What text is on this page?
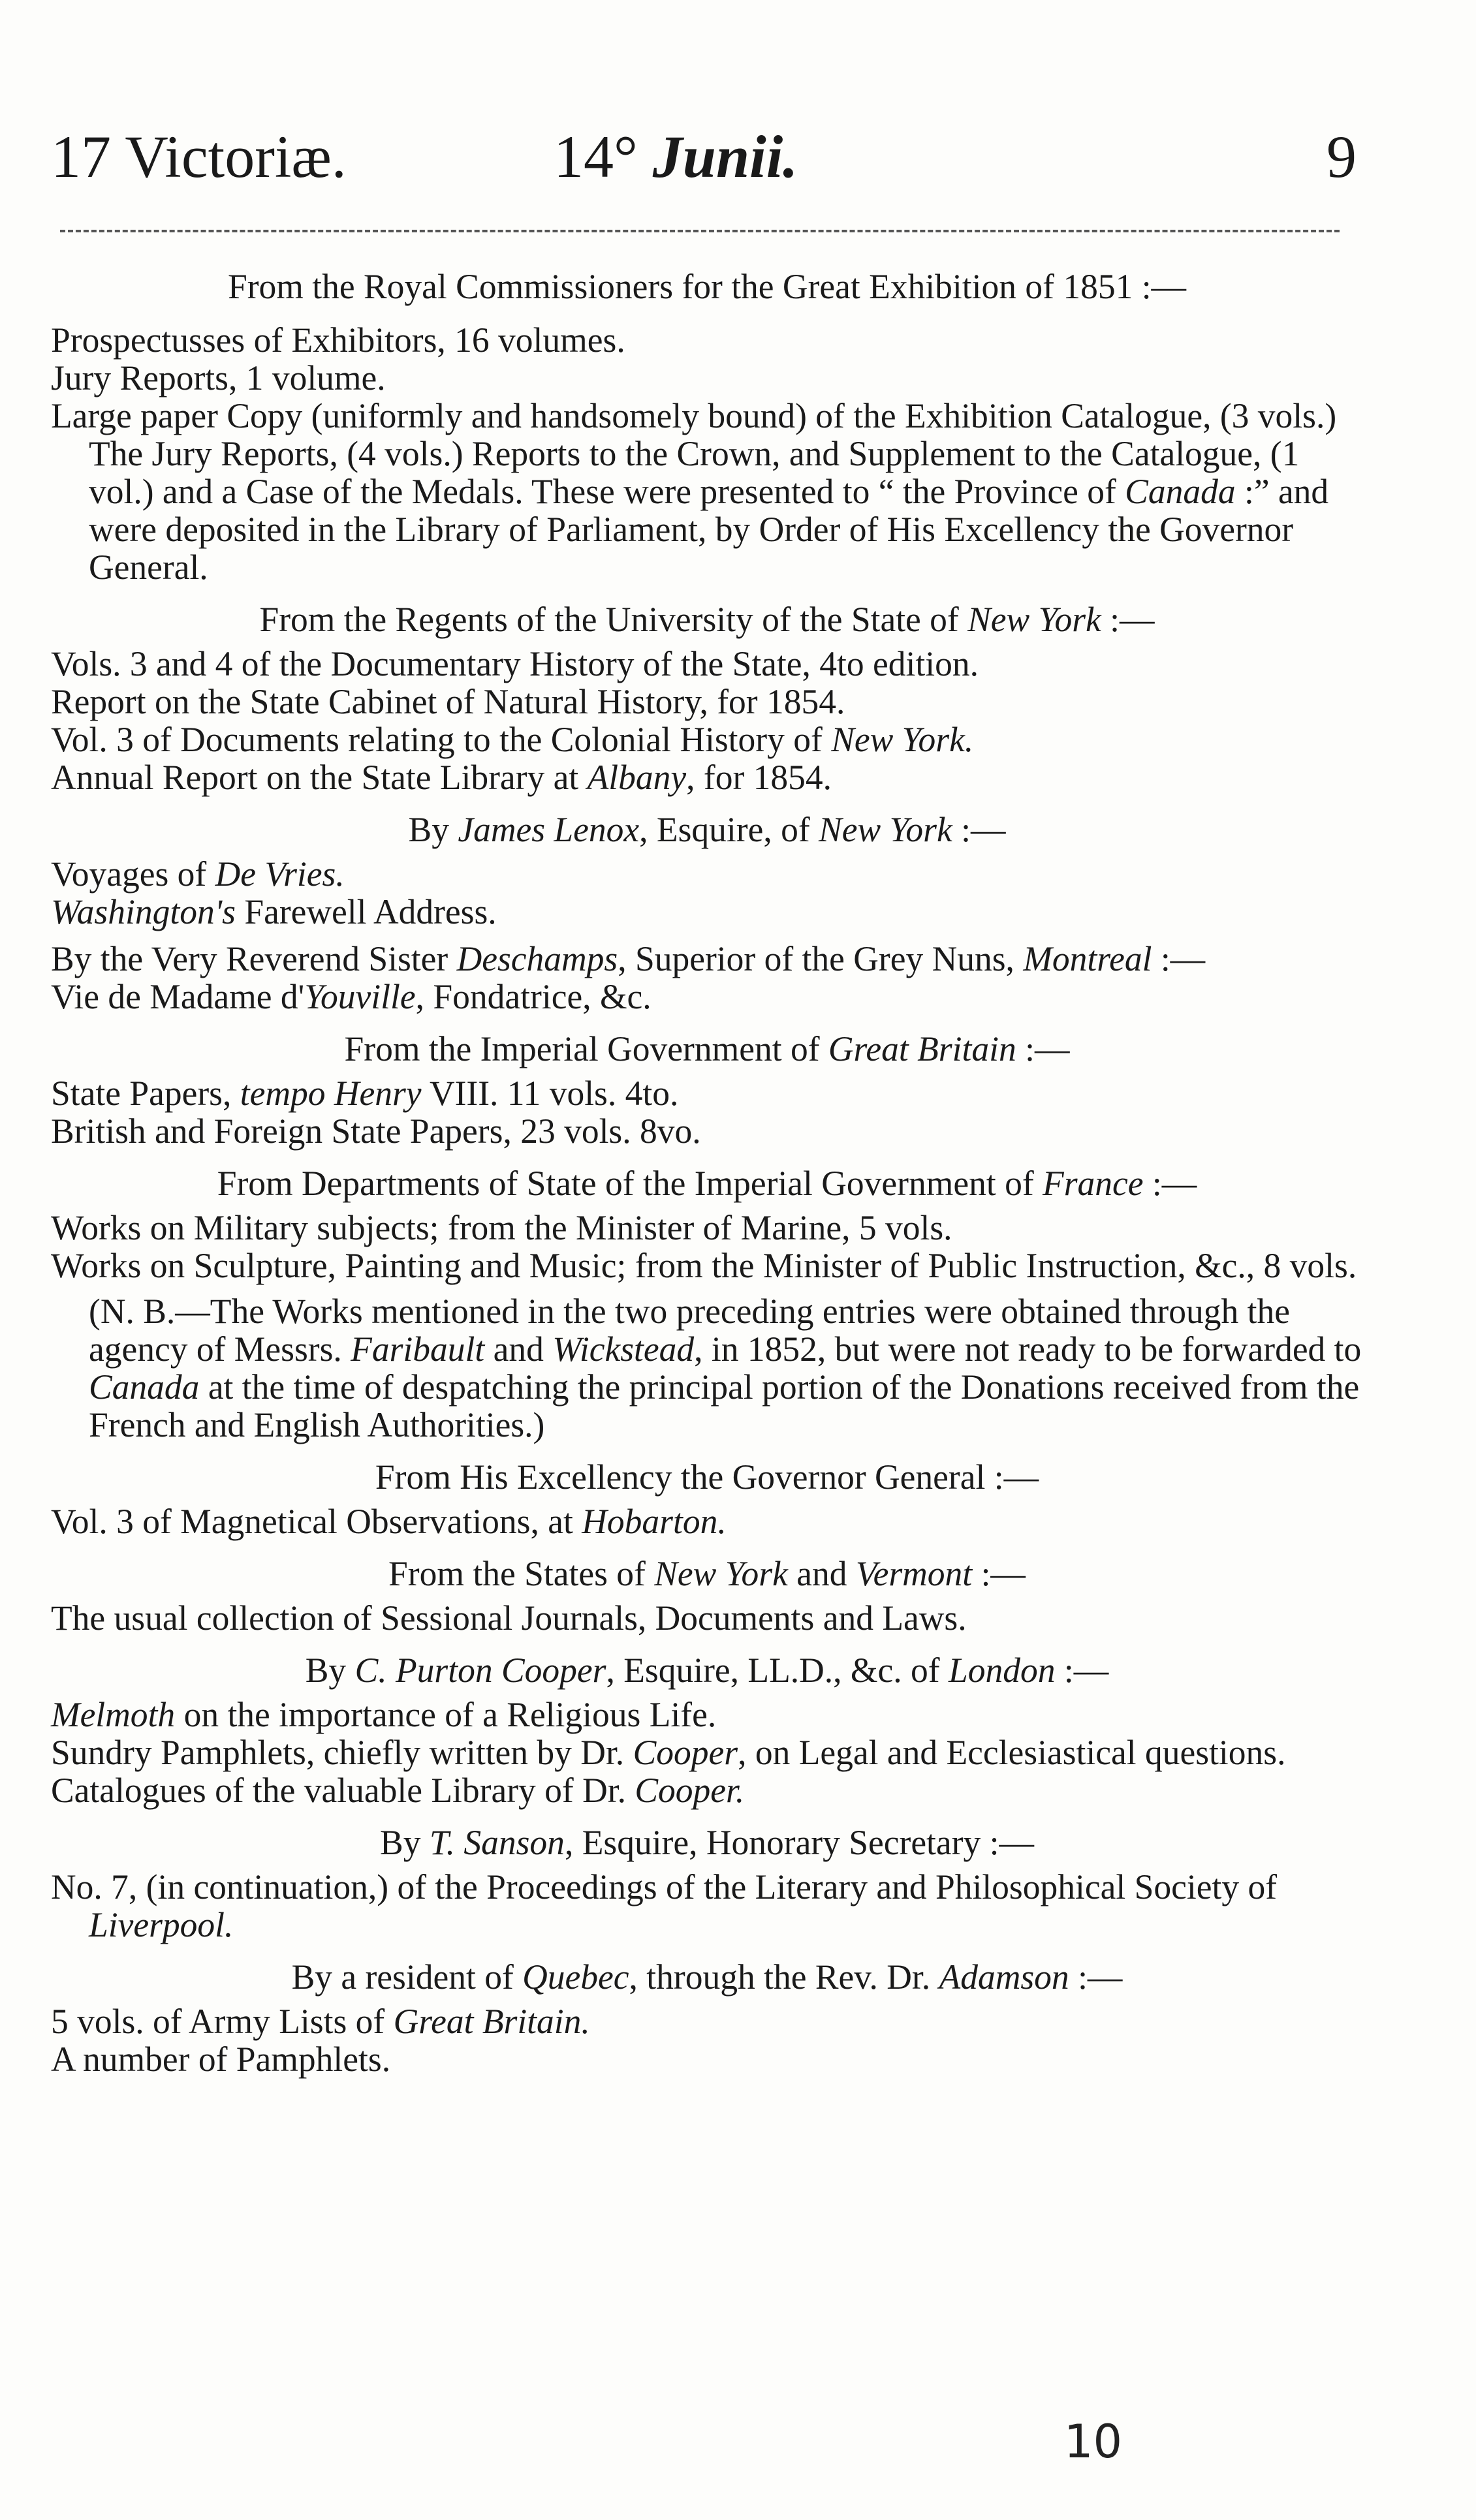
17 Victoriæ.	14° Junii.	9

From the Royal Commissioners for the Great Exhibition of 1851 :—

Prospectusses of Exhibitors, 16 volumes.

Jury Reports, 1 volume.

Large paper Copy (uniformly and handsomely bound) of the Exhibition Catalogue, (3 vols.) The Jury Reports, (4 vols.) Reports to the Crown, and Supplement to the Catalogue, (1 vol.) and a Case of the Medals. These were presented to “ the Province of Canada :” and were deposited in the Library of Parliament, by Order of His Excellency the Governor General.

From the Regents of the University of the State of New York :—

Vols. 3 and 4 of the Documentary History of the State, 4to edition.

Report on the State Cabinet of Natural History, for 1854.

Vol. 3 of Documents relating to the Colonial History of New York.

Annual Report on the State Library at Albany, for 1854.

By James Lenox, Esquire, of New York :—

Voyages of De Vries.

Washington's Farewell Address.

By the Very Reverend Sister Deschamps, Superior of the Grey Nuns, Montreal :—

Vie de Madame d'Youville, Fondatrice, &c.

From the Imperial Government of Great Britain :—

State Papers, tempo Henry VIII. 11 vols. 4to.

British and Foreign State Papers, 23 vols. 8vo.

From Departments of State of the Imperial Government of France :—

Works on Military subjects; from the Minister of Marine, 5 vols.

Works on Sculpture, Painting and Music; from the Minister of Public Instruction, &c., 8 vols.

(N. B.—The Works mentioned in the two preceding entries were obtained through the agency of Messrs. Faribault and Wickstead, in 1852, but were not ready to be forwarded to Canada at the time of despatching the principal portion of the Donations received from the French and English Authorities.)

From His Excellency the Governor General :—

Vol. 3 of Magnetical Observations, at Hobarton.

From the States of New York and Vermont :—

The usual collection of Sessional Journals, Documents and Laws.

By C. Purton Cooper, Esquire, LL.D., &c. of London :—

Melmoth on the importance of a Religious Life.

Sundry Pamphlets, chiefly written by Dr. Cooper, on Legal and Ecclesiastical questions.

Catalogues of the valuable Library of Dr. Cooper.

By T. Sanson, Esquire, Honorary Secretary :—

No. 7, (in continuation,) of the Proceedings of the Literary and Philosophical Society of Liverpool.

By a resident of Quebec, through the Rev. Dr. Adamson :—

5 vols. of Army Lists of Great Britain.

A number of Pamphlets.

10
